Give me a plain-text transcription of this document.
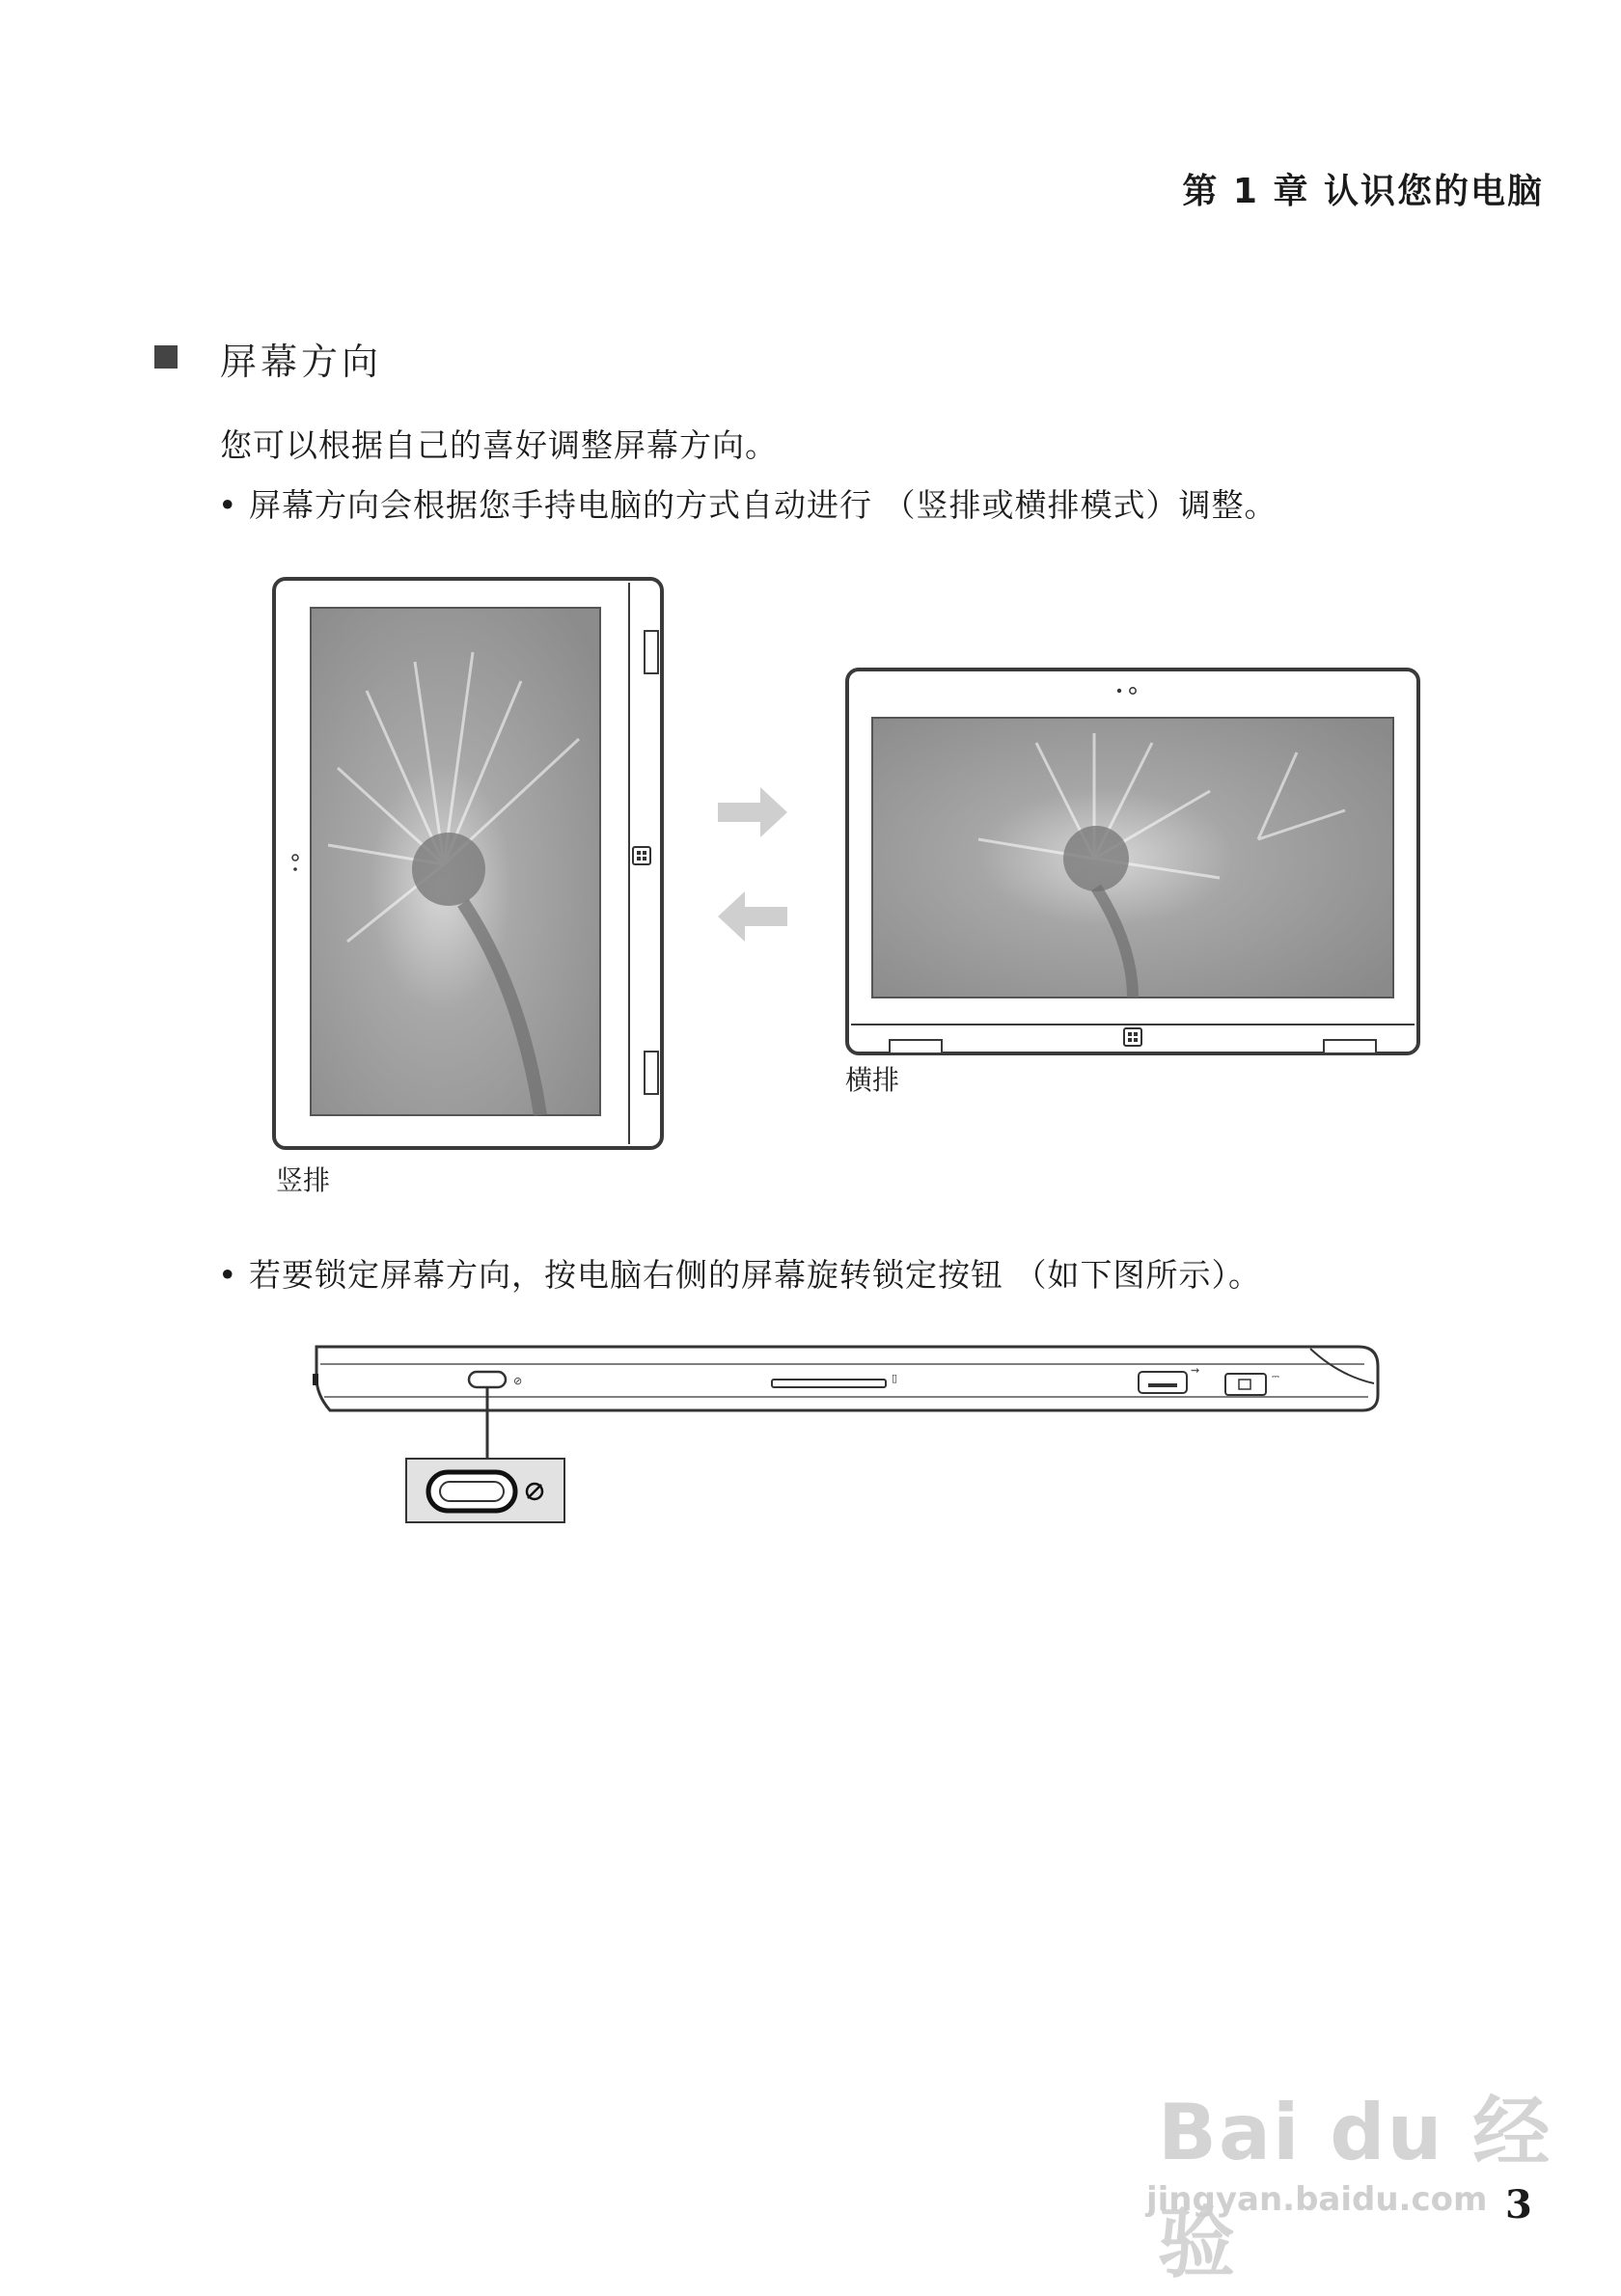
第 1 章 认识您的电脑
屏幕方向
您可以根据自己的喜好调整屏幕方向。
• 屏幕方向会根据您手持电脑的方式自动进行 （竖排或横排模式）调整。
竖排
横排
• 若要锁定屏幕方向，按电脑右侧的屏幕旋转锁定按钮 （如下图所示）。
⊘	▯
⇝
⎓
Bai du 经验
jingyan.baidu.com 3
